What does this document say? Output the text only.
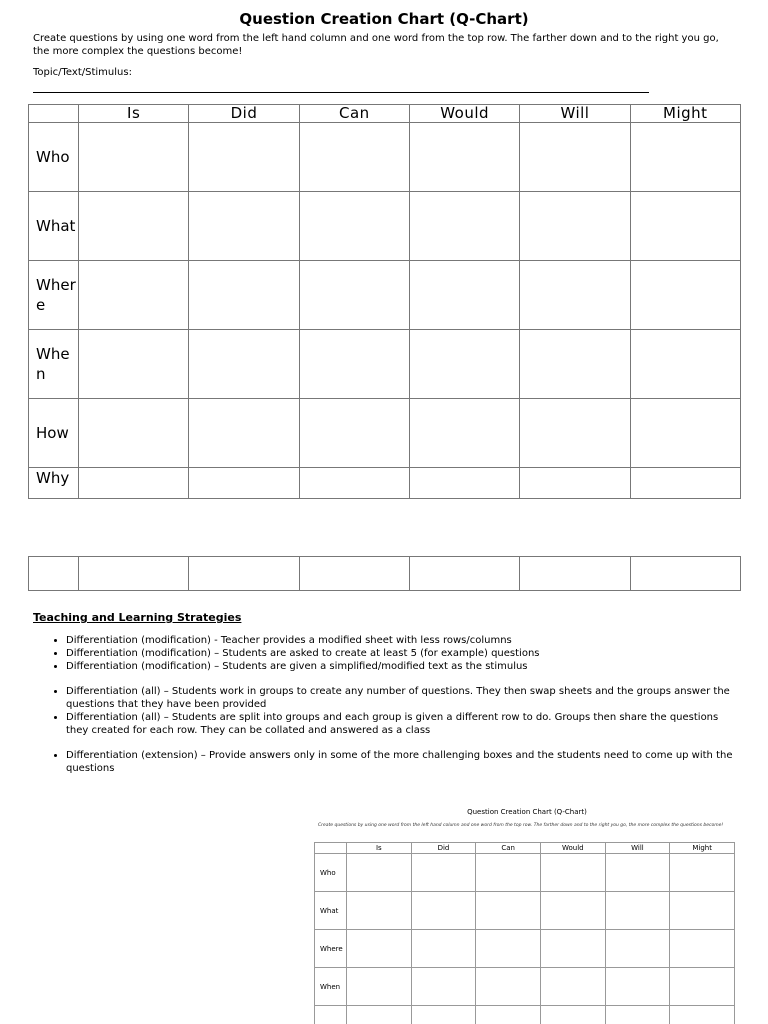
Question Creation Chart (Q-Chart)

Create questions by using one word from the left hand column and one word from the top row. The farther down and to the right you go, the more complex the questions become!

Topic/Text/Stimulus:

	Is	Did	Can	Would	Will	Might
Who						
What						
Where						
When						
How						
Why						

Teaching and Learning Strategies
• Differentiation (modification) - Teacher provides a modified sheet with less rows/columns
• Differentiation (modification) – Students are asked to create at least 5 (for example) questions
• Differentiation (modification) – Students are given a simplified/modified text as the stimulus
• Differentiation (all) – Students work in groups to create any number of questions. They then swap sheets and the groups answer the questions that they have been provided
• Differentiation (all) – Students are split into groups and each group is given a different row to do. Groups then share the questions they created for each row. They can be collated and answered as a class
• Differentiation (extension) – Provide answers only in some of the more challenging boxes and the students need to come up with the questions

Question Creation Chart (Q-Chart)

Create questions by using one word from the left hand column and one word from the top row. The farther down and to the right you go, the more complex the questions become!

	Is	Did	Can	Would	Will	Might
Who						
What						
Where						
When						
